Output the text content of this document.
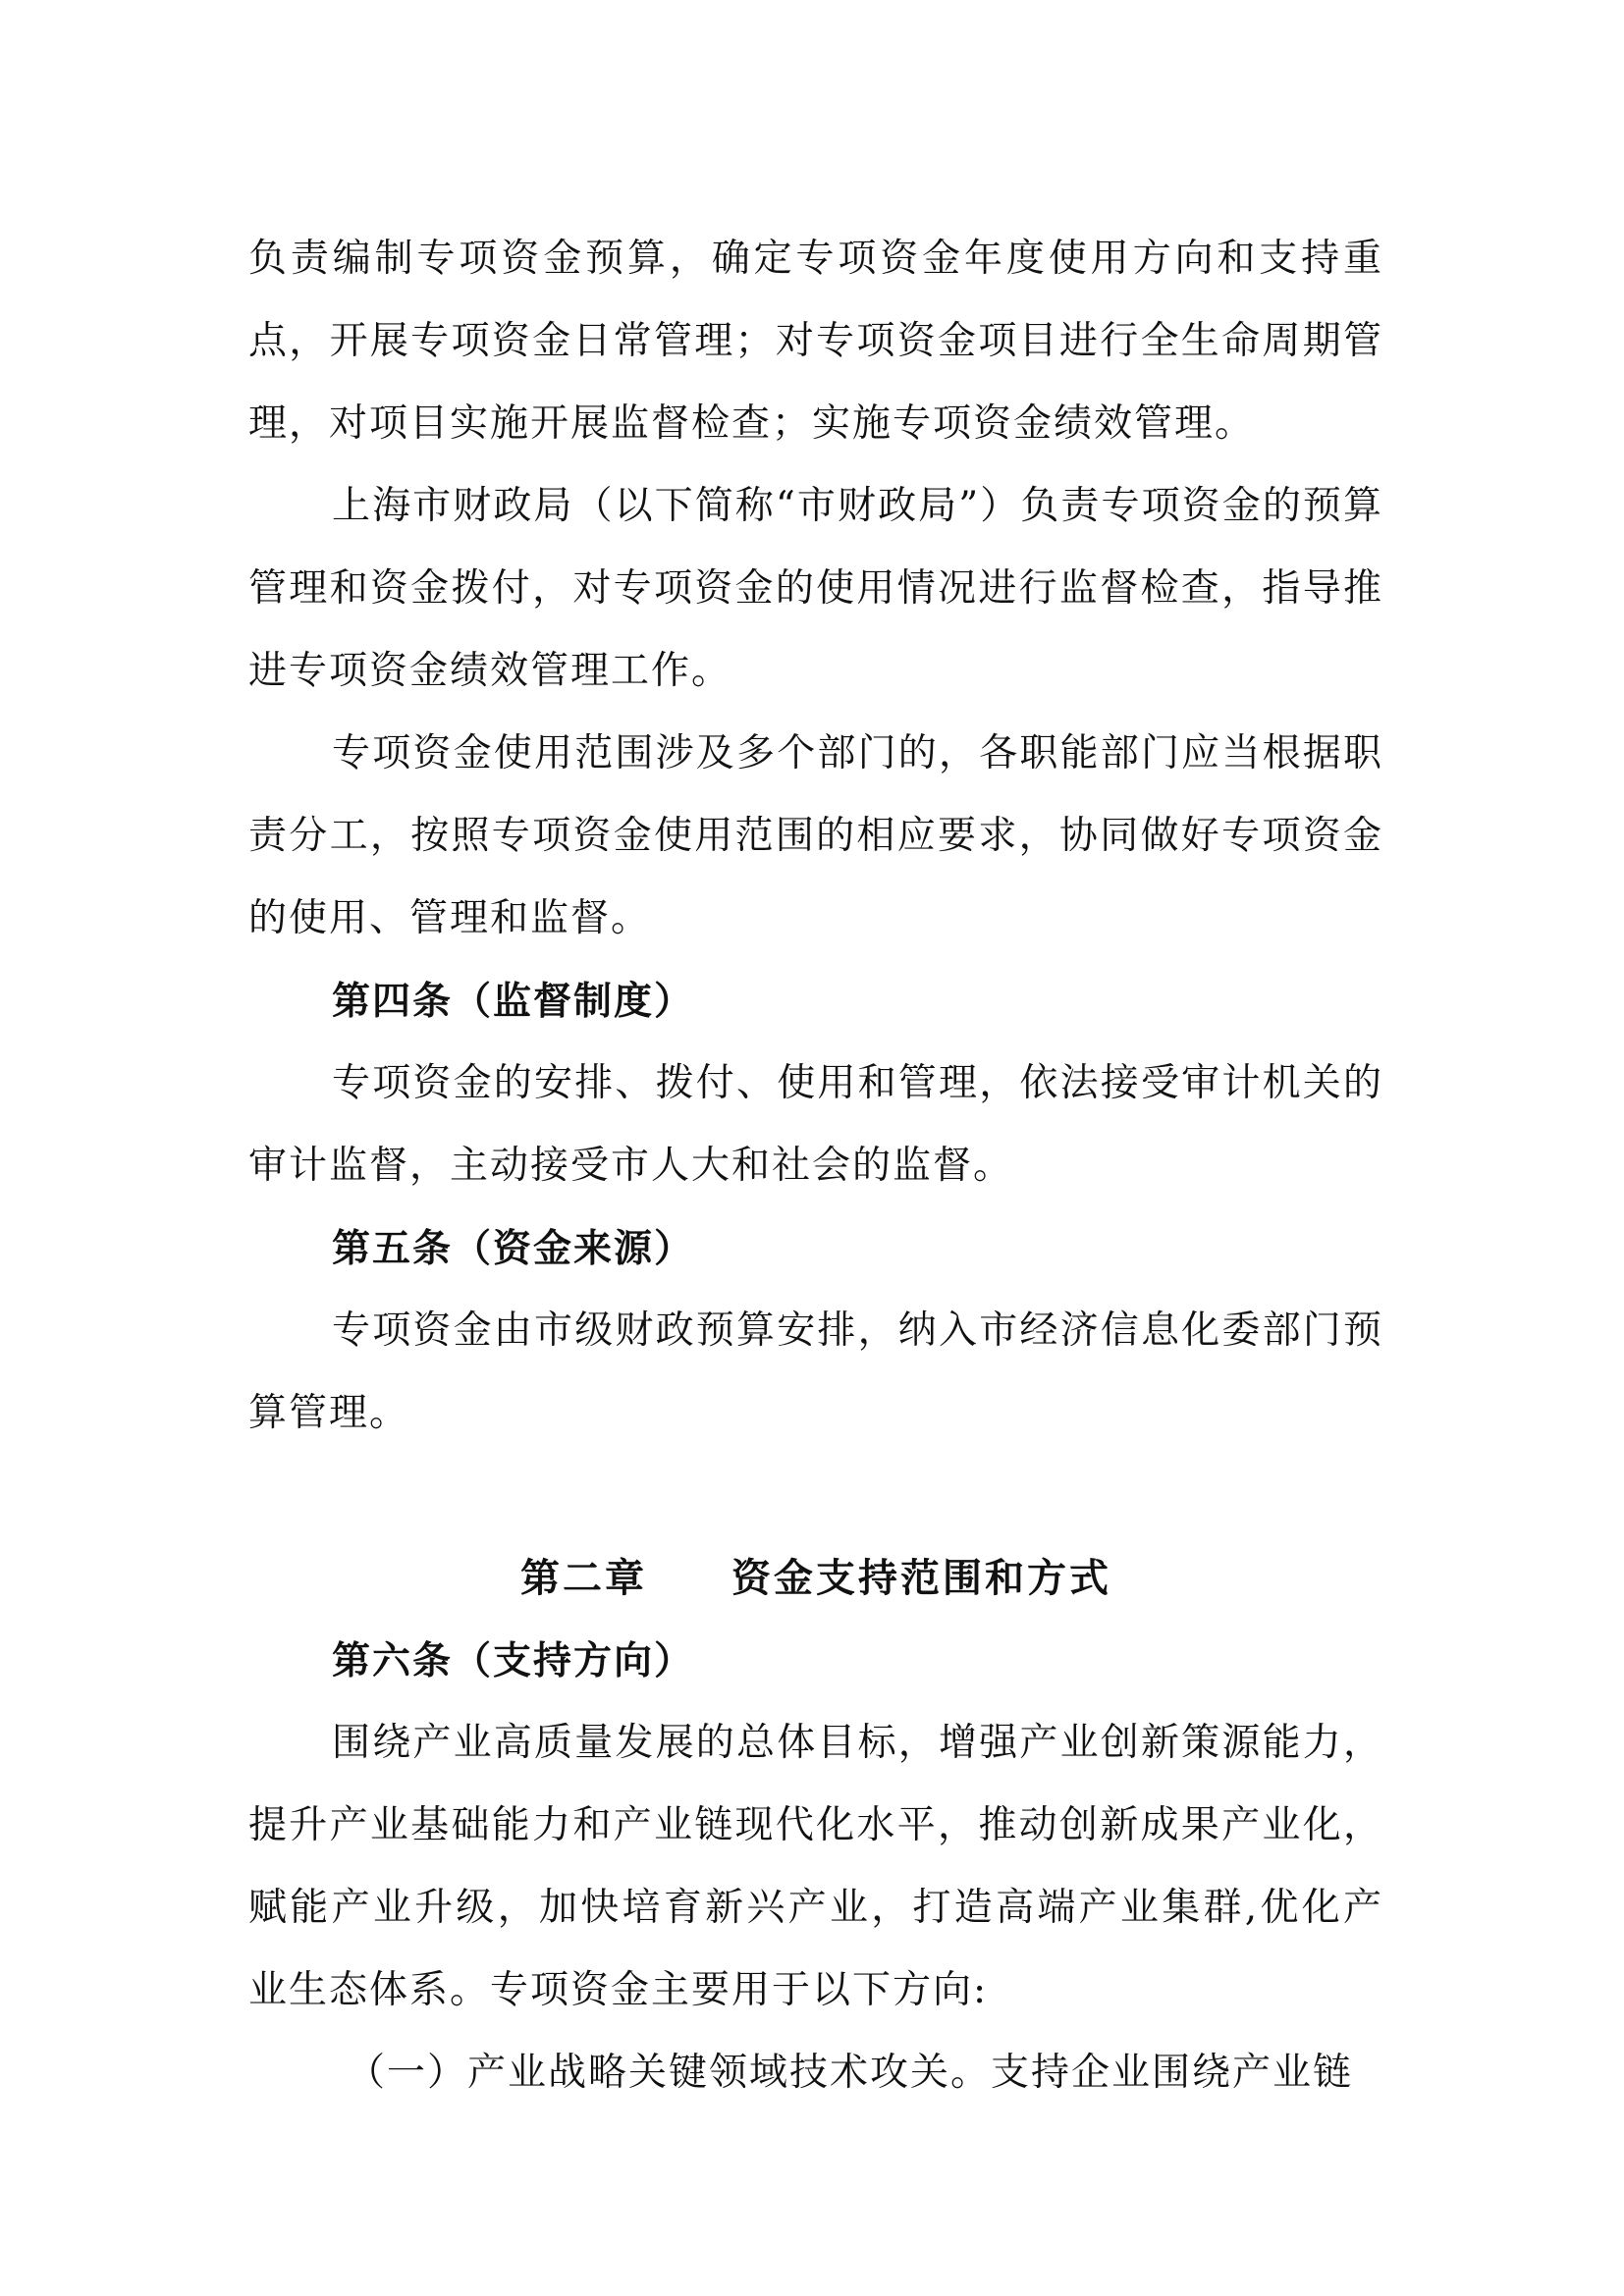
负责编制专项资金预算，确定专项资金年度使用方向和支持重点，开展专项资金日常管理；对专项资金项目进行全生命周期管理，对项目实施开展监督检查；实施专项资金绩效管理。

上海市财政局（以下简称“市财政局”）负责专项资金的预算管理和资金拨付，对专项资金的使用情况进行监督检查，指导推进专项资金绩效管理工作。

专项资金使用范围涉及多个部门的，各职能部门应当根据职责分工，按照专项资金使用范围的相应要求，协同做好专项资金的使用、管理和监督。

第四条（监督制度）

专项资金的安排、拨付、使用和管理，依法接受审计机关的审计监督，主动接受市人大和社会的监督。

第五条（资金来源）

专项资金由市级财政预算安排，纳入市经济信息化委部门预算管理。

第二章 资金支持范围和方式

第六条（支持方向）

围绕产业高质量发展的总体目标，增强产业创新策源能力，提升产业基础能力和产业链现代化水平，推动创新成果产业化，赋能产业升级，加快培育新兴产业，打造高端产业集群,优化产业生态体系。专项资金主要用于以下方向:

（一）产业战略关键领域技术攻关。支持企业围绕产业链
